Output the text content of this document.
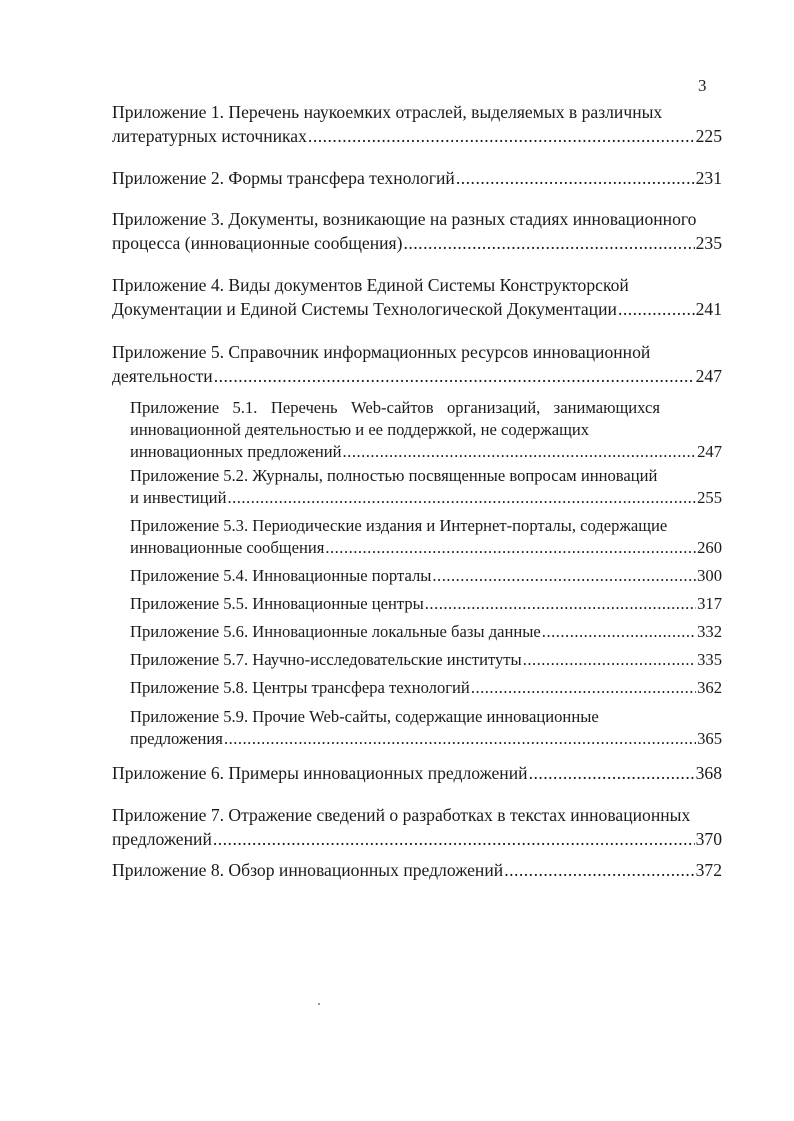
3
Приложение 1. Перечень наукоемких отраслей, выделяемых в различных
литературных источниках .....	225
Приложение 2. Формы трансфера технологий .....	231
Приложение 3. Документы, возникающие на разных стадиях инновационного
процесса (инновационные сообщения) .....	235
Приложение 4. Виды документов Единой Системы Конструкторской
Документации и Единой Системы Технологической Документации .....	241
Приложение 5. Справочник информационных ресурсов инновационной
деятельности .....	247
Приложение 5.1. Перечень Web-сайтов организаций, занимающихся инновационной деятельностью и ее поддержкой, не содержащих
инновационных предложений .....	247
Приложение 5.2. Журналы, полностью посвященные вопросам инноваций
и инвестиций .....	255
Приложение 5.3. Периодические издания и Интернет-порталы, содержащие
инновационные сообщения .....	260
Приложение 5.4. Инновационные порталы .....	300
Приложение 5.5. Инновационные центры .....	317
Приложение 5.6. Инновационные локальные базы данные .....	332
Приложение 5.7. Научно-исследовательские институты .....	335
Приложение 5.8. Центры трансфера технологий .....	362
Приложение 5.9. Прочие Web-сайты, содержащие инновационные
предложения .....	365
Приложение 6. Примеры инновационных предложений .....	368
Приложение 7. Отражение сведений о разработках в текстах инновационных
предложений .....	370
Приложение 8. Обзор инновационных предложений .....	372
